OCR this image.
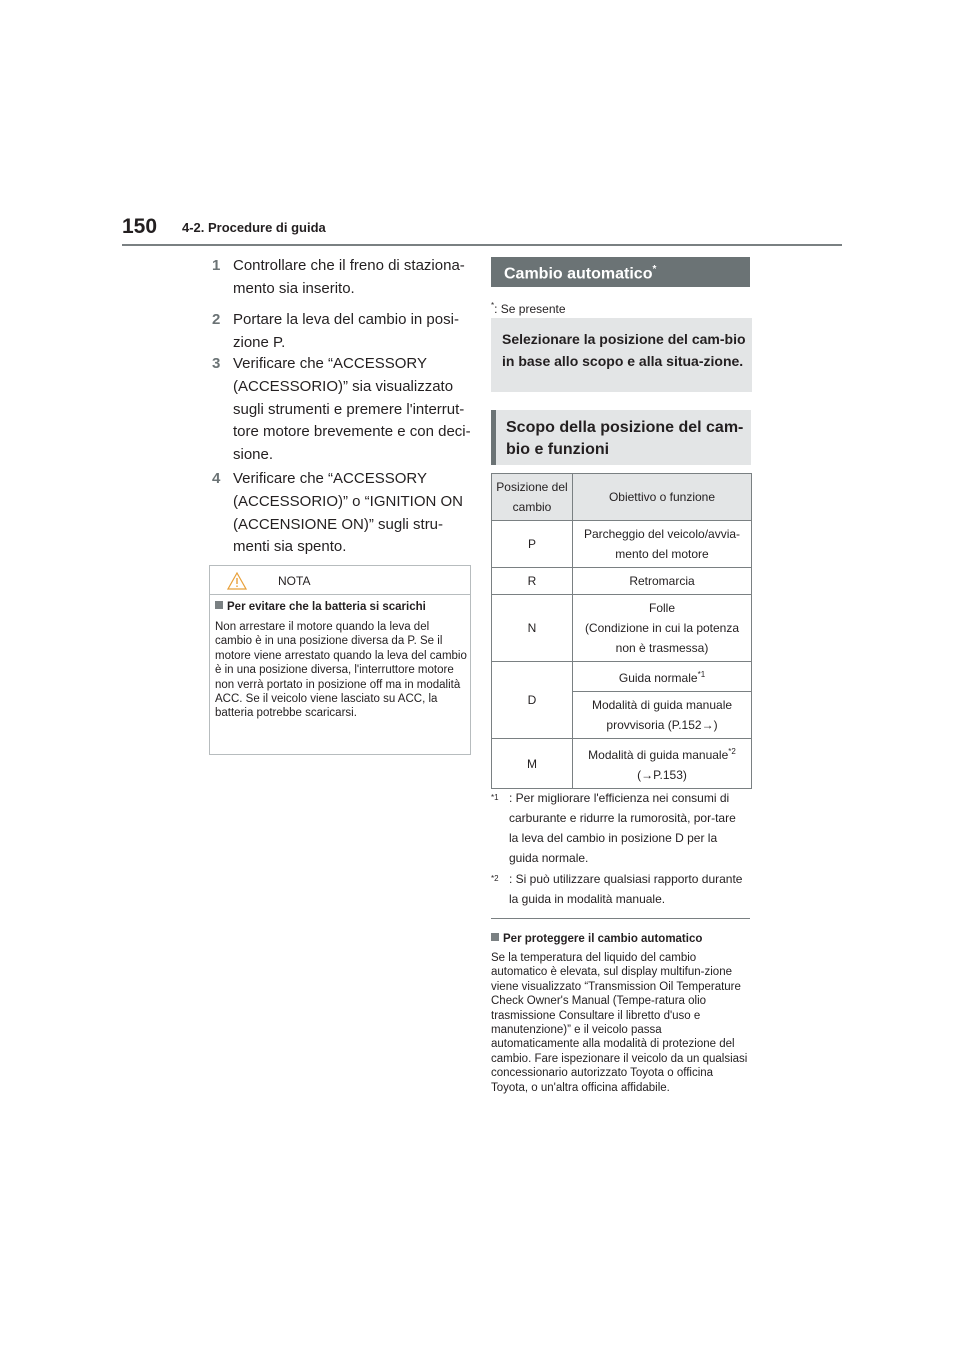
150 4-2. Procedure di guida
1 Controllare che il freno di staziona-mento sia inserito.
2 Portare la leva del cambio in posi-zione P.
3 Verificare che “ACCESSORY (ACCESSORIO)” sia visualizzato sugli strumenti e premere l'interrut-tore motore brevemente e con deci-sione.
4 Verificare che “ACCESSORY (ACCESSORIO)” o “IGNITION ON (ACCENSIONE ON)” sugli stru-menti sia spento.
NOTA
Per evitare che la batteria si scarichi
Non arrestare il motore quando la leva del cambio è in una posizione diversa da P. Se il motore viene arrestato quando la leva del cambio è in una posizione diversa, l'interruttore motore non verrà portato in posizione off ma in modalità ACC. Se il veicolo viene lasciato su ACC, la batteria potrebbe scaricarsi.
Cambio automatico*
*: Se presente
Selezionare la posizione del cam-bio in base allo scopo e alla situa-zione.
Scopo della posizione del cam-bio e funzioni
Posizione del cambio	Obiettivo o funzione
P	Parcheggio del veicolo/avvia-mento del motore
R	Retromarcia
N	Folle
(Condizione in cui la potenza non è trasmessa)

D	Guida normale$^{*1}$
	Modalità di guida manuale provvisoria (P.152→)
M	Modalità di guida manuale$^{*2}$
(→P.153)
$^{*1}$ : Per migliorare l'efficienza nei consumi di carburante e ridurre la rumorosità, por-tare la leva del cambio in posizione D per la guida normale.
$^{*2}$ : Si può utilizzare qualsiasi rapporto durante la guida in modalità manuale.
Per proteggere il cambio automatico
Se la temperatura del liquido del cambio automatico è elevata, sul display multifun-zione viene visualizzato “Transmission Oil Temperature Check Owner's Manual (Tempe-ratura olio trasmissione Consultare il libretto d'uso e manutenzione)” e il veicolo passa automaticamente alla modalità di protezione del cambio. Fare ispezionare il veicolo da un qualsiasi concessionario autorizzato Toyota o officina Toyota, o un'altra officina affidabile.
